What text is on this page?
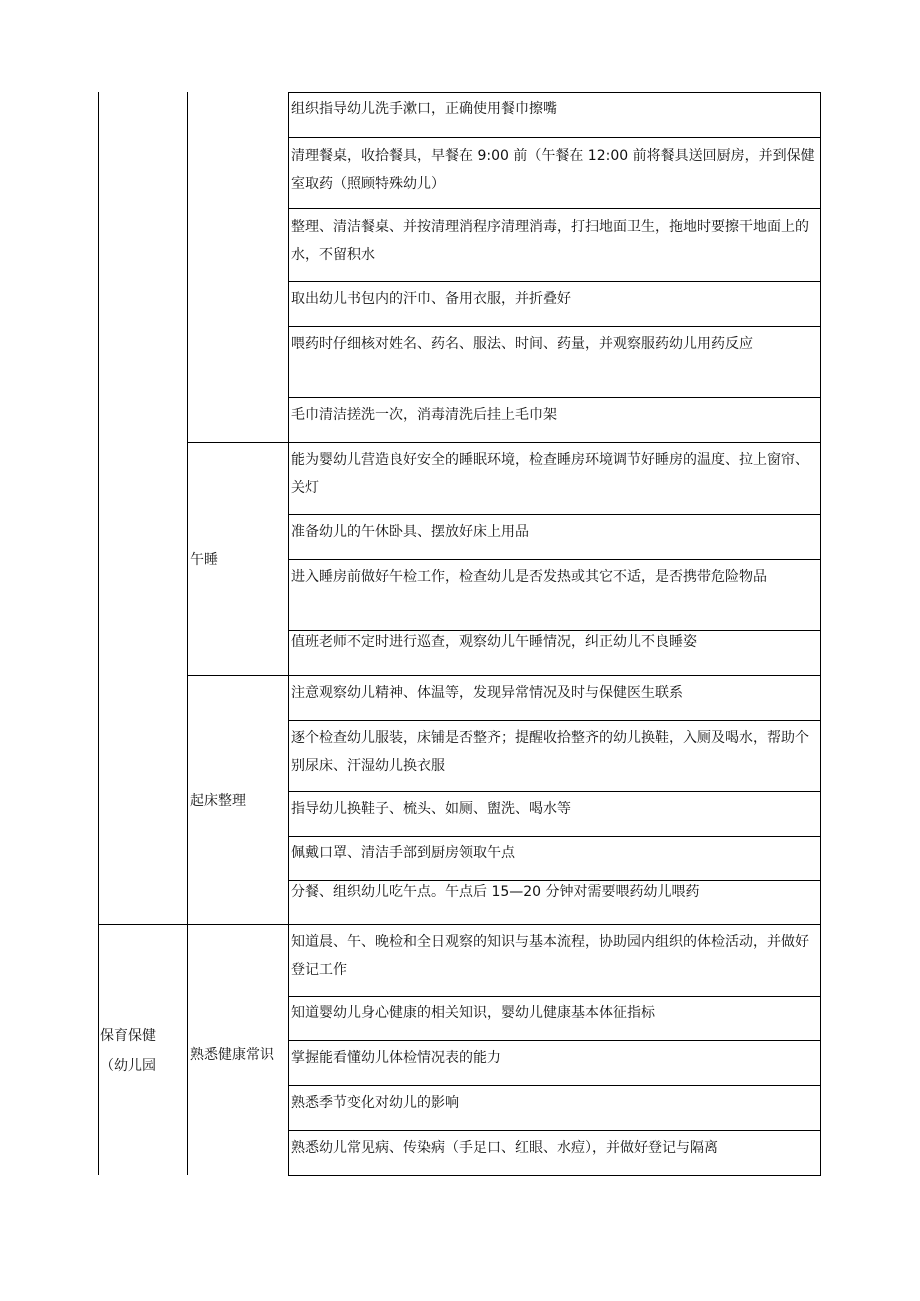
组织指导幼儿洗手漱口，正确使用餐巾擦嘴
清理餐桌，收拾餐具，早餐在 9:00 前（午餐在 12:00 前将餐具送回厨房，并到保健室取药（照顾特殊幼儿）
整理、清洁餐桌、并按清理消程序清理消毒，打扫地面卫生，拖地时要擦干地面上的水，不留积水
取出幼儿书包内的汗巾、备用衣服，并折叠好
喂药时仔细核对姓名、药名、服法、时间、药量，并观察服药幼儿用药反应
毛巾清洁搓洗一次，消毒清洗后挂上毛巾架
午睡
能为婴幼儿营造良好安全的睡眠环境，检查睡房环境调节好睡房的温度、拉上窗帘、关灯
准备幼儿的午休卧具、摆放好床上用品
进入睡房前做好午检工作，检查幼儿是否发热或其它不适，是否携带危险物品
值班老师不定时进行巡查，观察幼儿午睡情况，纠正幼儿不良睡姿
起床整理
注意观察幼儿精神、体温等，发现异常情况及时与保健医生联系
逐个检查幼儿服装，床铺是否整齐；提醒收拾整齐的幼儿换鞋，入厕及喝水，帮助个别尿床、汗湿幼儿换衣服
指导幼儿换鞋子、梳头、如厕、盥洗、喝水等
佩戴口罩、清洁手部到厨房领取午点
分餐、组织幼儿吃午点。午点后 15—20 分钟对需要喂药幼儿喂药
保育保健
（幼儿园
熟悉健康常识
知道晨、午、晚检和全日观察的知识与基本流程，协助园内组织的体检活动，并做好登记工作
知道婴幼儿身心健康的相关知识，婴幼儿健康基本体征指标
掌握能看懂幼儿体检情况表的能力
熟悉季节变化对幼儿的影响
熟悉幼儿常见病、传染病（手足口、红眼、水痘），并做好登记与隔离
